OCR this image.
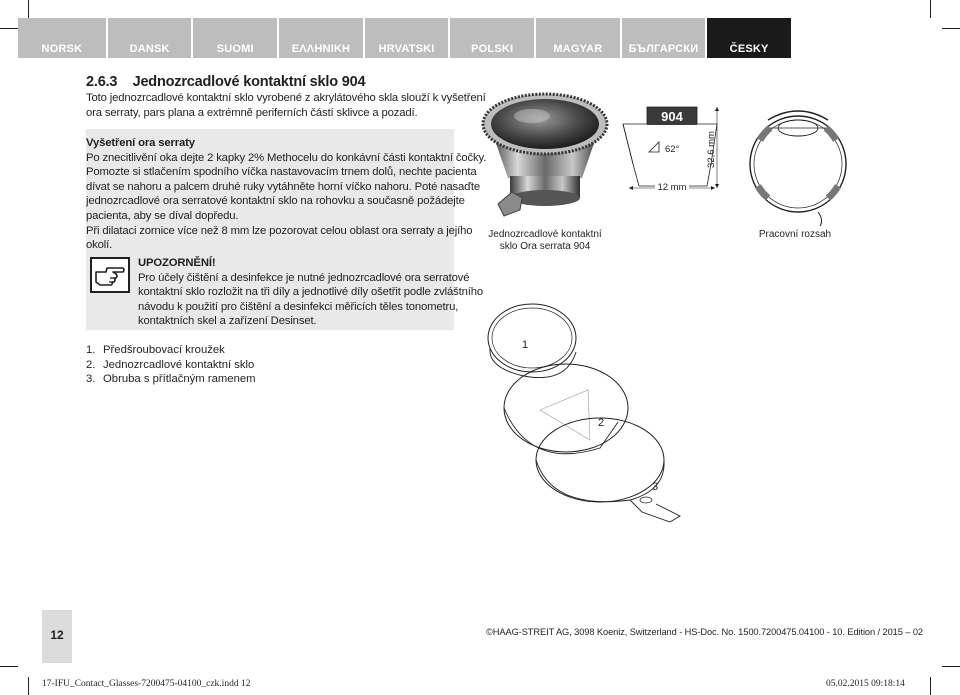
NORSK	DANSK	SUOMI	ΕΛΛΗΝΙΚΗ	HRVATSKI	POLSKI	MAGYAR	БЪЛГАРСКИ	ČESKY
2.6.3 Jednozrcadlové kontaktní sklo 904

Toto jednozrcadlové kontaktní sklo vyrobené z akrylátového skla slouží k vyšetření

ora serraty, pars plana a extrémně periferních částí sklivce a pozadí.

Vyšetření ora serraty

Po znecitlivění oka dejte 2 kapky 2% Methocelu do konkávní části kontaktní čočky.

Pomozte si stlačením spodního víčka nastavovacím trnem dolů, nechte pacienta

dívat se nahoru a palcem druhé ruky vytáhněte horní víčko nahoru. Poté nasaďte

jednozrcadlové ora serratové kontaktní sklo na rohovku a současně požádejte

pacienta, aby se díval dopředu.

Při dilataci zornice více než 8 mm lze pozorovat celou oblast ora serraty a jejího

okolí.

UPOZORNĚNÍ!

Pro účely čištění a desinfekce je nutné jednozrcadlové ora serratové

kontaktní sklo rozložit na tři díly a jednotlivé díly ošetřit podle zvláštního

návodu k použití pro čištění a desinfekci měřicích těles tonometru,

kontaktních skel a zařízení Desinset.

1. Předšroubovací kroužek
2. Jednozrcadlové kontaktní sklo
3. Obruba s přítlačným ramenem
Jednozrcadlové kontaktní
sklo Ora serrata 904
904
12 mm
62°	32,6 mm
Pracovní rozsah
1
2
3
12	©HAAG-STREIT AG, 3098 Koeniz, Switzerland - HS-Doc. No. 1500.7200475.04100 - 10. Edition / 2015 – 02
17-IFU_Contact_Glasses-7200475-04100_czk.indd 12	05.02.2015 09:18:14
